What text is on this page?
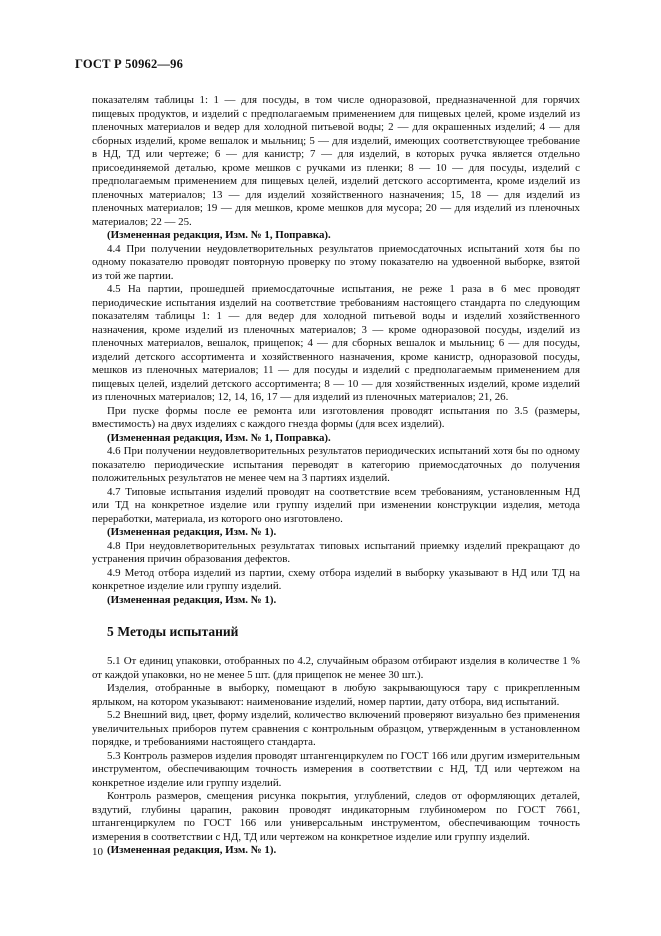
ГОСТ Р 50962—96

показателям таблицы 1: 1 — для посуды, в том числе одноразовой, предназначенной для горячих пищевых продуктов, и изделий с предполагаемым применением для пищевых целей, кроме изделий из пленочных материалов и ведер для холодной питьевой воды; 2 — для окрашенных изделий; 4 — для сборных изделий, кроме вешалок и мыльниц; 5 — для изделий, имеющих соответствующее требование в НД, ТД или чертеже; 6 — для канистр; 7 — для изделий, в которых ручка является отдельно присоединяемой деталью, кроме мешков с ручками из пленки; 8 — 10 — для посуды, изделий с предполагаемым применением для пищевых целей, изделий детского ассортимента, кроме изделий из пленочных материалов; 13 — для изделий хозяйственного назначения; 15, 18 — для изделий из пленочных материалов; 19 — для мешков, кроме мешков для мусора; 20 — для изделий из пленочных материалов; 22 — 25.

(Измененная редакция, Изм. № 1, Поправка).

4.4 При получении неудовлетворительных результатов приемосдаточных испытаний хотя бы по одному показателю проводят повторную проверку по этому показателю на удвоенной выборке, взятой из той же партии.

4.5 На партии, прошедшей приемосдаточные испытания, не реже 1 раза в 6 мес проводят периодические испытания изделий на соответствие требованиям настоящего стандарта по следующим показателям таблицы 1: 1 — для ведер для холодной питьевой воды и изделий хозяйственного назначения, кроме изделий из пленочных материалов; 3 — кроме одноразовой посуды, изделий из пленочных материалов, вешалок, прищепок; 4 — для сборных вешалок и мыльниц; 6 — для посуды, изделий детского ассортимента и хозяйственного назначения, кроме канистр, одноразовой посуды, мешков из пленочных материалов; 11 — для посуды и изделий с предполагаемым применением для пищевых целей, изделий детского ассортимента; 8 — 10 — для хозяйственных изделий, кроме изделий из пленочных материалов; 12, 14, 16, 17 — для изделий из пленочных материалов; 21, 26.

При пуске формы после ее ремонта или изготовления проводят испытания по 3.5 (размеры, вместимость) на двух изделиях с каждого гнезда формы (для всех изделий).

(Измененная редакция, Изм. № 1, Поправка).

4.6 При получении неудовлетворительных результатов периодических испытаний хотя бы по одному показателю периодические испытания переводят в категорию приемосдаточных до получения положительных результатов не менее чем на 3 партиях изделий.

4.7 Типовые испытания изделий проводят на соответствие всем требованиям, установленным НД или ТД на конкретное изделие или группу изделий при изменении конструкции изделия, метода переработки, материала, из которого оно изготовлено.

(Измененная редакция, Изм. № 1).

4.8 При неудовлетворительных результатах типовых испытаний приемку изделий прекращают до устранения причин образования дефектов.

4.9 Метод отбора изделий из партии, схему отбора изделий в выборку указывают в НД или ТД на конкретное изделие или группу изделий.

(Измененная редакция, Изм. № 1).

5 Методы испытаний

5.1 От единиц упаковки, отобранных по 4.2, случайным образом отбирают изделия в количестве 1 % от каждой упаковки, но не менее 5 шт. (для прищепок не менее 30 шт.).

Изделия, отобранные в выборку, помещают в любую закрывающуюся тару с прикрепленным ярлыком, на котором указывают: наименование изделий, номер партии, дату отбора, вид испытаний.

5.2 Внешний вид, цвет, форму изделий, количество включений проверяют визуально без применения увеличительных приборов путем сравнения с контрольным образцом, утвержденным в установленном порядке, и требованиями настоящего стандарта.

5.3 Контроль размеров изделия проводят штангенциркулем по ГОСТ 166 или другим измерительным инструментом, обеспечивающим точность измерения в соответствии с НД, ТД или чертежом на конкретное изделие или группу изделий.

Контроль размеров, смещения рисунка покрытия, углублений, следов от оформляющих деталей, вздутий, глубины царапин, раковин проводят индикаторным глубиномером по ГОСТ 7661, штангенциркулем по ГОСТ 166 или универсальным инструментом, обеспечивающим точность измерения в соответствии с НД, ТД или чертежом на конкретное изделие или группу изделий.

(Измененная редакция, Изм. № 1).

10
